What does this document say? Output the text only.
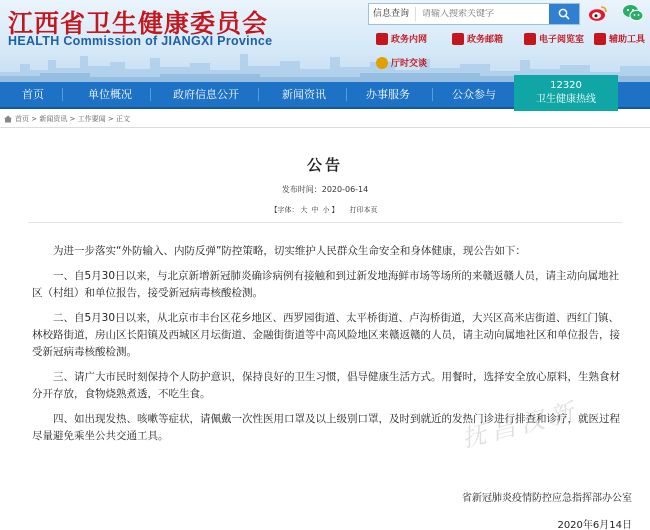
江西省卫生健康委员会
HEALTH Commission of JIANGXI Province
信息查询
请输入搜索关键字
政务内网	政务邮箱	电子阅览室	辅助工具
厅时交谈
首页	单位概况	政府信息公开	新闻资讯	办事服务	公众参与
12320
卫生健康热线
首页 > 新闻资讯 > 工作要闻 > 正文
公告
发布时间：2020-06-14
【字体： 大 中 小 】 打印本页

为进一步落实“外防输入、内防反弹”防控策略，切实维护人民群众生命安全和身体健康，现公告如下：

一、自5月30日以来，与北京新增新冠肺炎确诊病例有接触和到过新发地海鲜市场等场所的来赣返赣人员，请主动向属地社区（村组）和单位报告，接受新冠病毒核酸检测。

二、自5月30日以来，从北京市丰台区花乡地区、西罗园街道、太平桥街道、卢沟桥街道，大兴区高米店街道、西红门镇、林校路街道，房山区长阳镇及西城区月坛街道、金融街街道等中高风险地区来赣返赣的人员，请主动向属地社区和单位报告，接受新冠病毒核酸检测。

三、请广大市民时刻保持个人防护意识，保持良好的卫生习惯，倡导健康生活方式。用餐时，选择安全放心原料，生熟食材分开存放，食物烧熟煮透，不吃生食。

四、如出现发热、咳嗽等症状，请佩戴一次性医用口罩及以上级别口罩，及时到就近的发热门诊进行排查和诊疗，就医过程尽量避免乘坐公共交通工具。	抚昌汉新
省新冠肺炎疫情防控应急指挥部办公室
2020年6月14日
